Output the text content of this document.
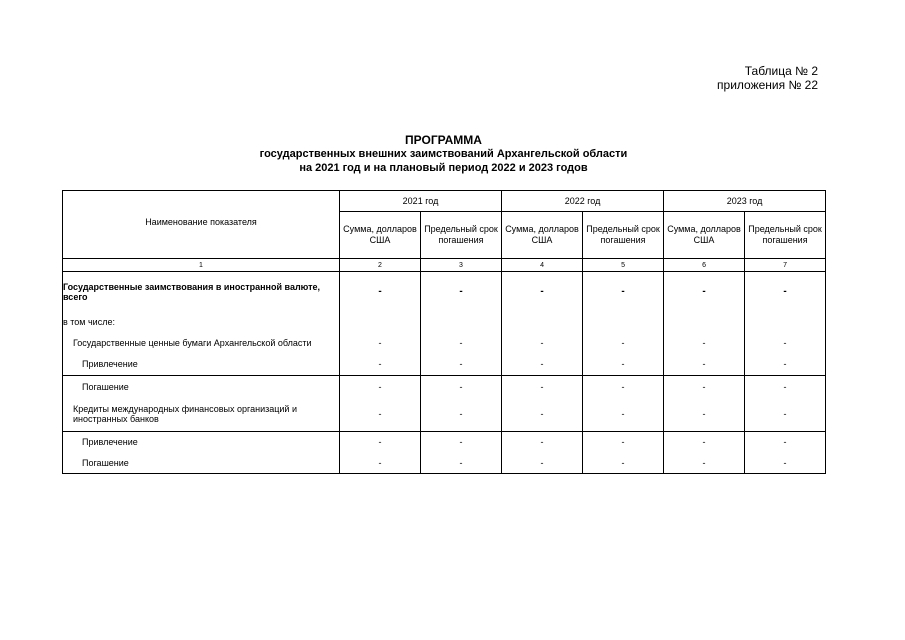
Таблица № 2
приложения № 22
ПРОГРАММА
государственных внешних заимствований Архангельской области
на 2021 год и на плановый период 2022 и 2023 годов
Наименование показателя	2021 год		2022 год		2023 год	
	Сумма, долларов США	Предельный срок погашения	Сумма, долларов США	Предельный срок погашения	Сумма, долларов США	Предельный срок погашения
1	2	3	4	5	6	7
Государственные заимствования в иностранной валюте, всего	-	-	-	-	-	-
в том числе:						
Государственные ценные бумаги Архангельской области	-	-	-	-	-	-
Привлечение	-	-	-	-	-	-
Погашение	-	-	-	-	-	-
Кредиты международных финансовых организаций и иностранных банков	-	-	-	-	-	-
Привлечение	-	-	-	-	-	-
Погашение	-	-	-	-	-	-
